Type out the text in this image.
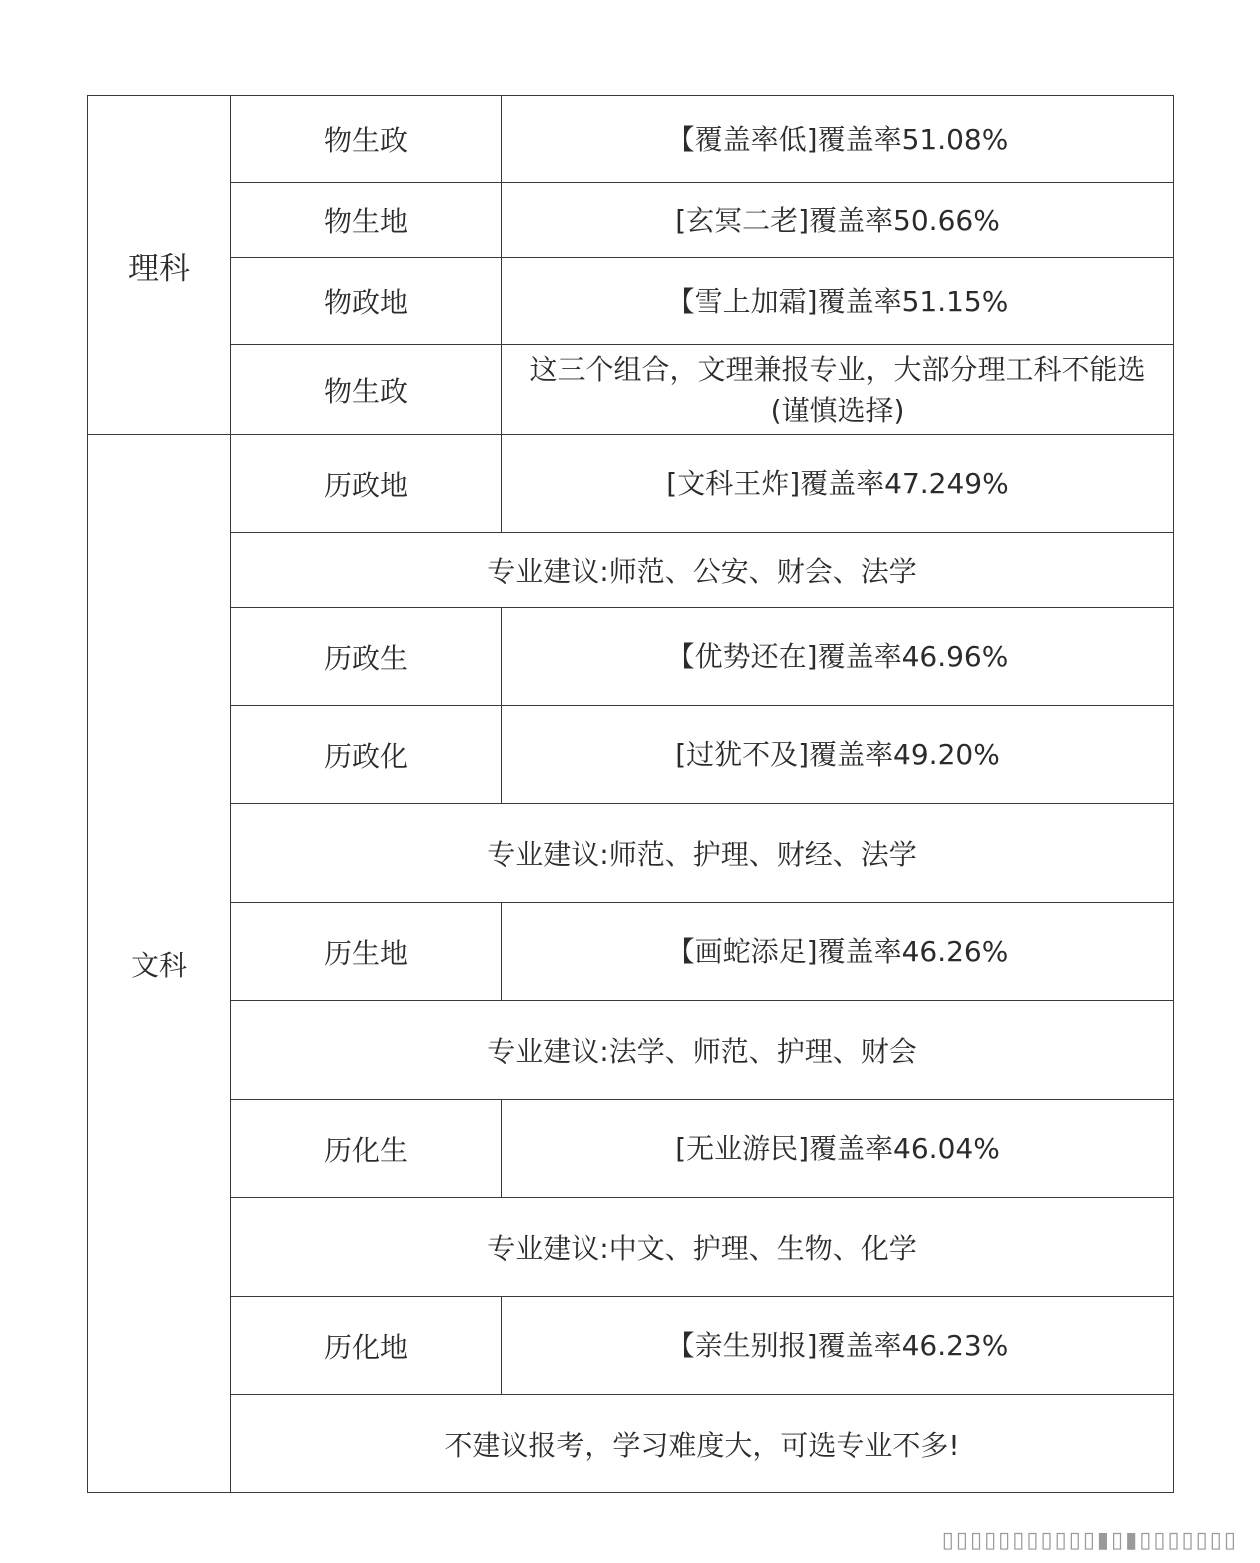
理科	物生政	【覆盖率低]覆盖率51.08%
	物生地	[玄冥二老]覆盖率50.66%
	物政地	【雪上加霜]覆盖率51.15%
	物生政	这三个组合，文理兼报专业，大部分理工科不能选
(谨慎选择)

文科	历政地	[文科王炸]覆盖率47.249%
	专业建议:师范、公安、财会、法学	
	历政生	【优势还在]覆盖率46.96%
	历政化	[过犹不及]覆盖率49.20%
	专业建议:师范、护理、财经、法学	
	历生地	【画蛇添足]覆盖率46.26%
	专业建议:法学、师范、护理、财会	
	历化生	[无业游民]覆盖率46.04%
	专业建议:中文、护理、生物、化学	
	历化地	【亲生别报]覆盖率46.23%
	不建议报考，学习难度大，可选专业不多!	
▯▯▯▯▯▯▯▯▯▯▯▮▯▮▯▯▯▯▯▯▯
